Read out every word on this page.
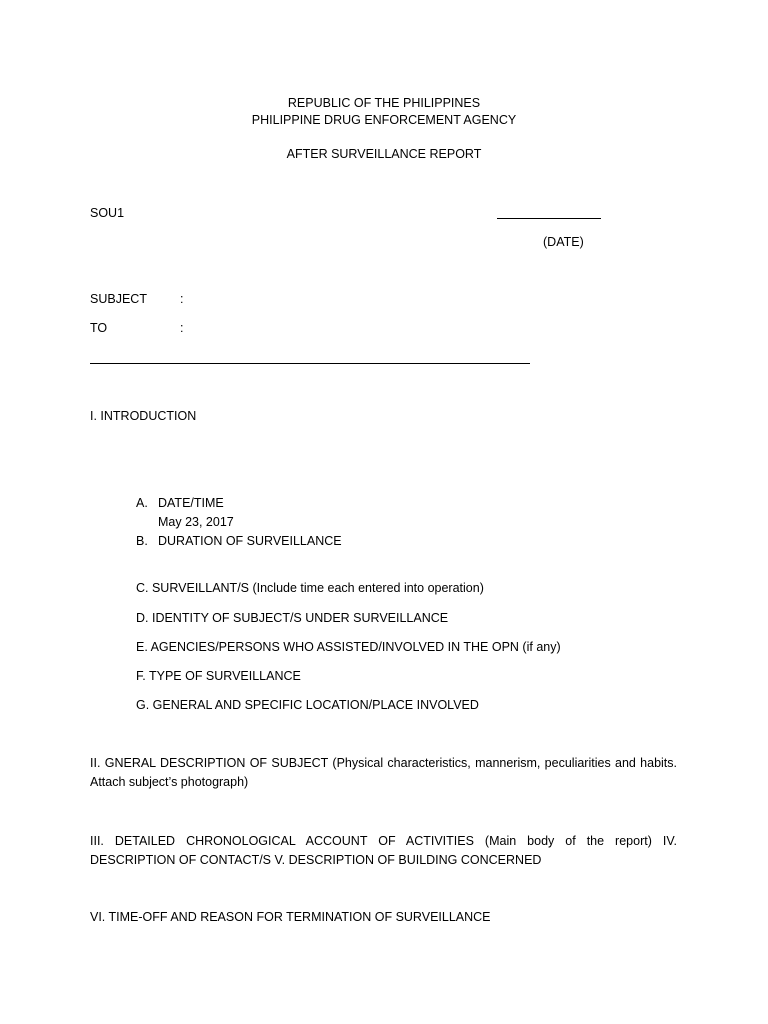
REPUBLIC OF THE PHILIPPINES
PHILIPPINE DRUG ENFORCEMENT AGENCY
AFTER SURVEILLANCE REPORT
SOU1
(DATE)
SUBJECT	:
TO	:
I. INTRODUCTION
A. DATE/TIME
May 23, 2017
B. DURATION OF SURVEILLANCE
C. SURVEILLANT/S (Include time each entered into operation)
D. IDENTITY OF SUBJECT/S UNDER SURVEILLANCE
E. AGENCIES/PERSONS WHO ASSISTED/INVOLVED IN THE OPN (if any)
F. TYPE OF SURVEILLANCE
G. GENERAL AND SPECIFIC LOCATION/PLACE INVOLVED
II. GNERAL DESCRIPTION OF SUBJECT (Physical characteristics, mannerism, peculiarities and habits. Attach subject’s photograph)
III. DETAILED CHRONOLOGICAL ACCOUNT OF ACTIVITIES (Main body of the report) IV. DESCRIPTION OF CONTACT/S V. DESCRIPTION OF BUILDING CONCERNED
VI. TIME-OFF AND REASON FOR TERMINATION OF SURVEILLANCE
